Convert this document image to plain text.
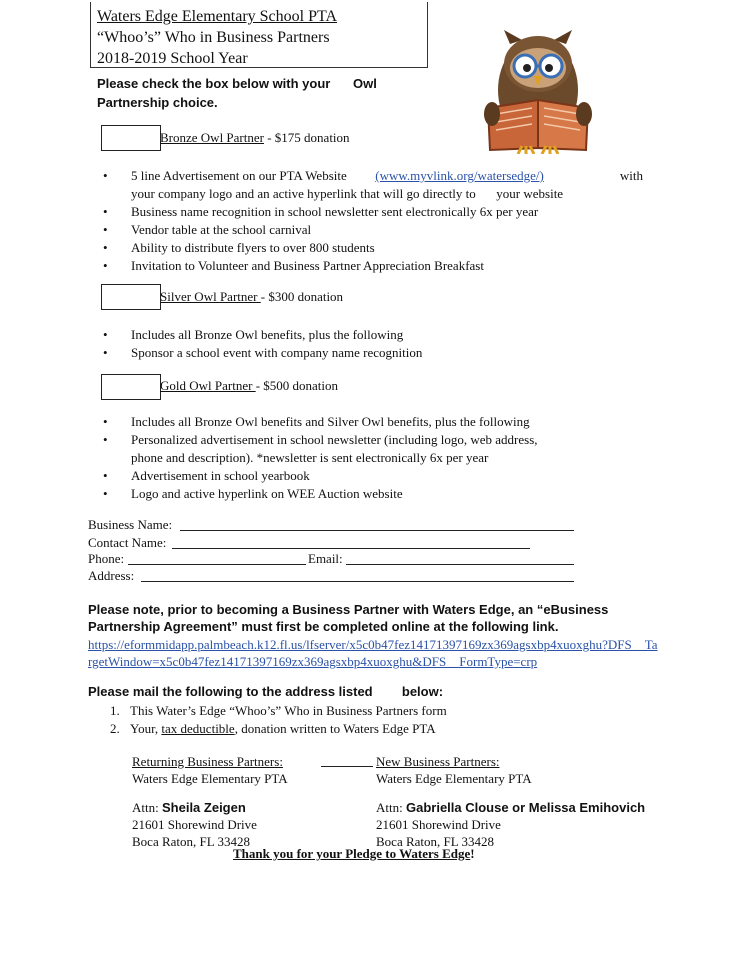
Waters Edge Elementary School PTA
“Whoo’s” Who in Business Partners
2018-2019 School Year
Please check the box below with your Owl
Partnership choice.
Bronze Owl Partner - $175 donation
• 5 line Advertisement on our PTA Website (www.myvlink.org/watersedge/)	with

your company logo and an active hyperlink that will go directly to your website
• Business name recognition in school newsletter sent electronically 6x per year
• Vendor table at the school carnival
• Ability to distribute flyers to over 800 students
• Invitation to Volunteer and Business Partner Appreciation Breakfast
Silver Owl Partner - $300 donation
• Includes all Bronze Owl benefits, plus the following
• Sponsor a school event with company name recognition
Gold Owl Partner - $500 donation
• Includes all Bronze Owl benefits and Silver Owl benefits, plus the following
• Personalized advertisement in school newsletter (including logo, web address,
phone and description). *newsletter is sent electronically 6x per year
• Advertisement in school yearbook
• Logo and active hyperlink on WEE Auction website
Business Name:
Contact Name:
Phone:	Email:
Address:
Please note, prior to becoming a Business Partner with Waters Edge, an “eBusiness Partnership Agreement” must first be completed online at the following link.
https://eformmidapp.palmbeach.k12.fl.us/lfserver/x5c0b47fez14171397169zx369agsxbp4xuoxghu?DFS__TargetWindow=x5c0b47fez14171397169zx369agsxbp4xuoxghu&DFS__FormType=crp
Please mail the following to the address listed below:
1. This Water’s Edge “Whoo’s” Who in Business Partners form
2. Your, tax deductible, donation written to Waters Edge PTA
Returning Business Partners:
Waters Edge Elementary PTA
Attn: Sheila Zeigen
21601 Shorewind Drive
Boca Raton, FL 33428
New Business Partners:
Waters Edge Elementary PTA
Attn: Gabriella Clouse or Melissa Emihovich
21601 Shorewind Drive
Boca Raton, FL 33428
Thank you for your Pledge to Waters Edge!
